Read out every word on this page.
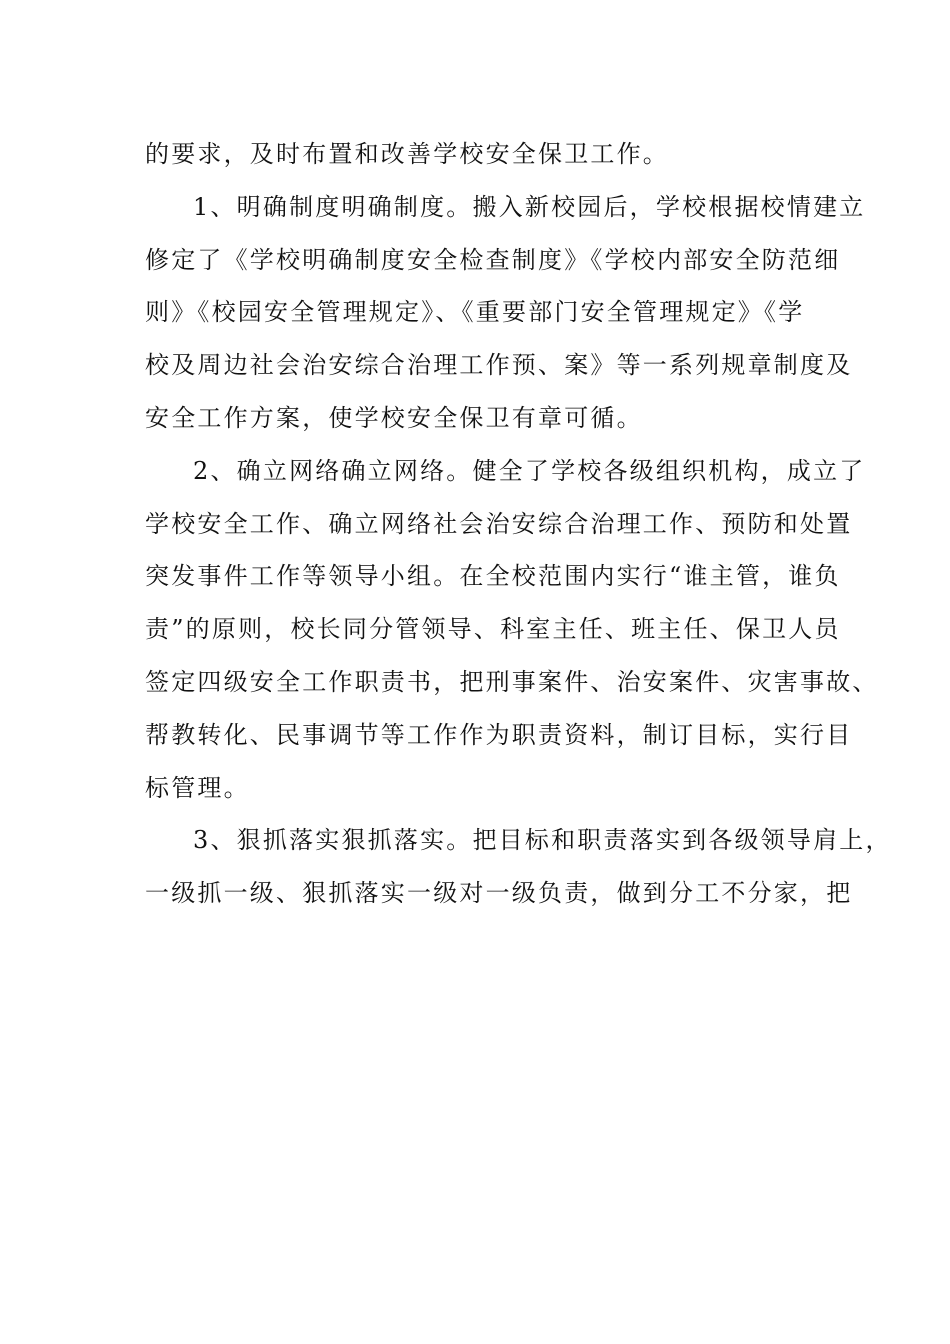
的要求，及时布置和改善学校安全保卫工作。
1、明确制度明确制度。搬入新校园后，学校根据校情建立
修定了《学校明确制度安全检查制度》《学校内部安全防范细
则》《校园安全管理规定》、《重要部门安全管理规定》《学
校及周边社会治安综合治理工作预、案》等一系列规章制度及
安全工作方案，使学校安全保卫有章可循。
2、确立网络确立网络。健全了学校各级组织机构，成立了
学校安全工作、确立网络社会治安综合治理工作、预防和处置
突发事件工作等领导小组。在全校范围内实行“谁主管，谁负
责”的原则，校长同分管领导、科室主任、班主任、保卫人员
签定四级安全工作职责书，把刑事案件、治安案件、灾害事故、
帮教转化、民事调节等工作作为职责资料，制订目标，实行目
标管理。
3、狠抓落实狠抓落实。把目标和职责落实到各级领导肩上，
一级抓一级、狠抓落实一级对一级负责，做到分工不分家，把
